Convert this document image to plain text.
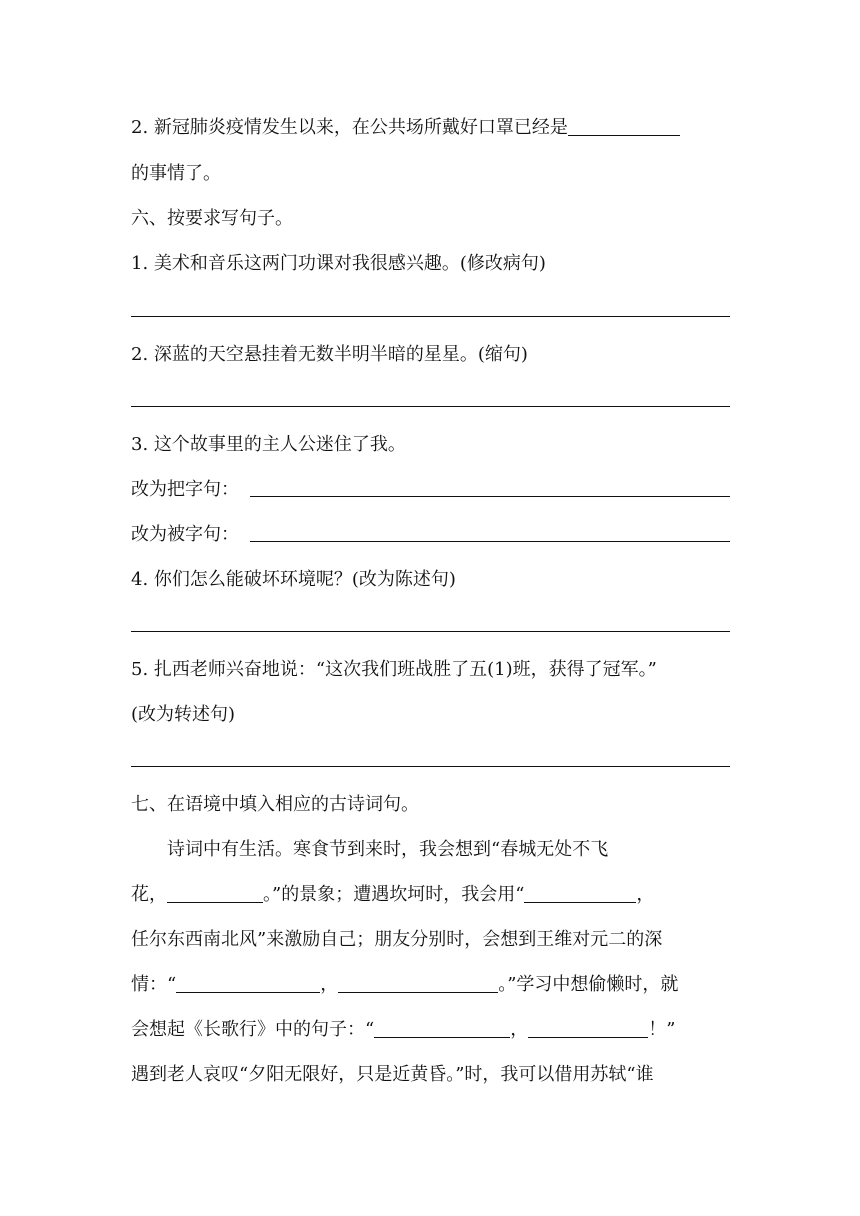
2. 新冠肺炎疫情发生以来，在公共场所戴好口罩已经是
的事情了。
六、按要求写句子。
1. 美术和音乐这两门功课对我很感兴趣。(修改病句)
2. 深蓝的天空悬挂着无数半明半暗的星星。(缩句)
3. 这个故事里的主人公迷住了我。
改为把字句：
改为被字句：
4. 你们怎么能破坏环境呢？(改为陈述句)
5. 扎西老师兴奋地说：“这次我们班战胜了五(1)班，获得了冠军。”
(改为转述句)
七、在语境中填入相应的古诗词句。
诗词中有生活。寒食节到来时，我会想到“春城无处不飞
花，	。”的景象；遭遇坎坷时，我会用“	，
任尔东西南北风”来激励自己；朋友分别时，会想到王维对元二的深
情：“	，	。”学习中想偷懒时，就
会想起《长歌行》中的句子：“	，	！”
遇到老人哀叹“夕阳无限好，只是近黄昏。”时，我可以借用苏轼“谁
